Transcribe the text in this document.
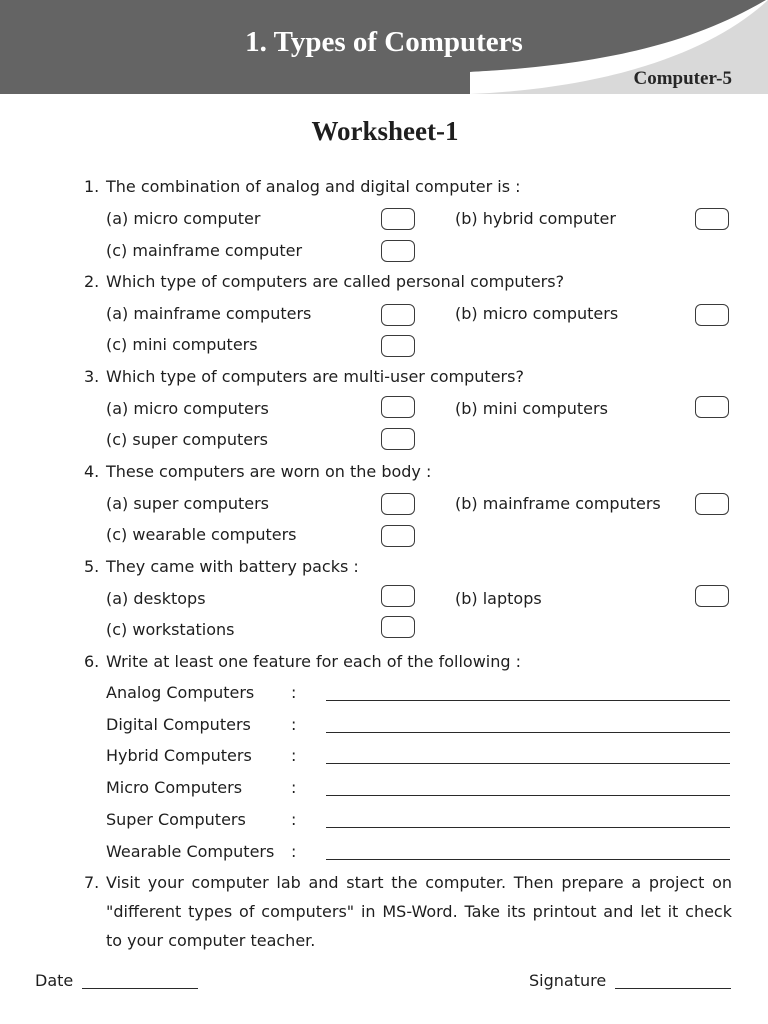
1. Types of Computers
Computer-5
Worksheet-1
1. The combination of analog and digital computer is :
(a) micro computer	(b) hybrid computer
(c) mainframe computer
2. Which type of computers are called personal computers?
(a) mainframe computers	(b) micro computers
(c) mini computers
3. Which type of computers are multi-user computers?
(a) micro computers	(b) mini computers
(c) super computers
4. These computers are worn on the body :
(a) super computers	(b) mainframe computers
(c) wearable computers
5. They came with battery packs :
(a) desktops	(b) laptops
(c) workstations
6. Write at least one feature for each of the following :
Analog Computers :
Digital Computers	:
Hybrid Computers :
Micro Computers	:
Super Computers	:
Wearable Computers :
7. Visit your computer lab and start the computer. Then prepare a project on "different types of computers" in MS-Word. Take its printout and let it check to your computer teacher.
Date	Signature
